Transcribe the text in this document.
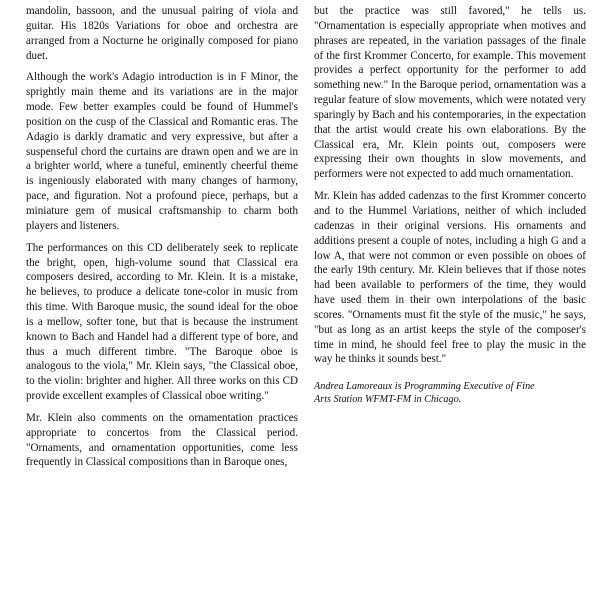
mandolin, bassoon, and the unusual pairing of viola and guitar. His 1820s Variations for oboe and orchestra are arranged from a Nocturne he originally composed for piano duet.

Although the work's Adagio introduction is in F Minor, the sprightly main theme and its variations are in the major mode. Few better examples could be found of Hummel's position on the cusp of the Classical and Romantic eras. The Adagio is darkly dramatic and very expressive, but after a suspenseful chord the curtains are drawn open and we are in a brighter world, where a tuneful, eminently cheerful theme is ingeniously elaborated with many changes of harmony, pace, and figuration. Not a profound piece, perhaps, but a miniature gem of musical craftsmanship to charm both players and listeners.

The performances on this CD deliberately seek to replicate the bright, open, high-volume sound that Classical era composers desired, according to Mr. Klein. It is a mistake, he believes, to produce a delicate tone-color in music from this time. With Baroque music, the sound ideal for the oboe is a mellow, softer tone, but that is because the instrument known to Bach and Handel had a different type of bore, and thus a much different timbre. "The Baroque oboe is analogous to the viola," Mr. Klein says, "the Classical oboe, to the violin: brighter and higher. All three works on this CD provide excellent examples of Classical oboe writing."

Mr. Klein also comments on the ornamentation practices appropriate to concertos from the Classical period. "Ornaments, and ornamentation opportunities, come less frequently in Classical compositions than in Baroque ones,

but the practice was still favored," he tells us. "Ornamentation is especially appropriate when motives and phrases are repeated, in the variation passages of the finale of the first Krommer Concerto, for example. This movement provides a perfect opportunity for the performer to add something new." In the Baroque period, ornamentation was a regular feature of slow movements, which were notated very sparingly by Bach and his contemporaries, in the expectation that the artist would create his own elaborations. By the Classical era, Mr. Klein points out, composers were expressing their own thoughts in slow movements, and performers were not expected to add much ornamentation.

Mr. Klein has added cadenzas to the first Krommer concerto and to the Hummel Variations, neither of which included cadenzas in their original versions. His ornaments and additions present a couple of notes, including a high G and a low A, that were not common or even possible on oboes of the early 19th century. Mr. Klein believes that if those notes had been available to performers of the time, they would have used them in their own interpolations of the basic scores. "Ornaments must fit the style of the music," he says, "but as long as an artist keeps the style of the composer's time in mind, he should feel free to play the music in the way he thinks it sounds best."

Andrea Lamoreaux is Programming Executive of Fine Arts Station WFMT-FM in Chicago.
